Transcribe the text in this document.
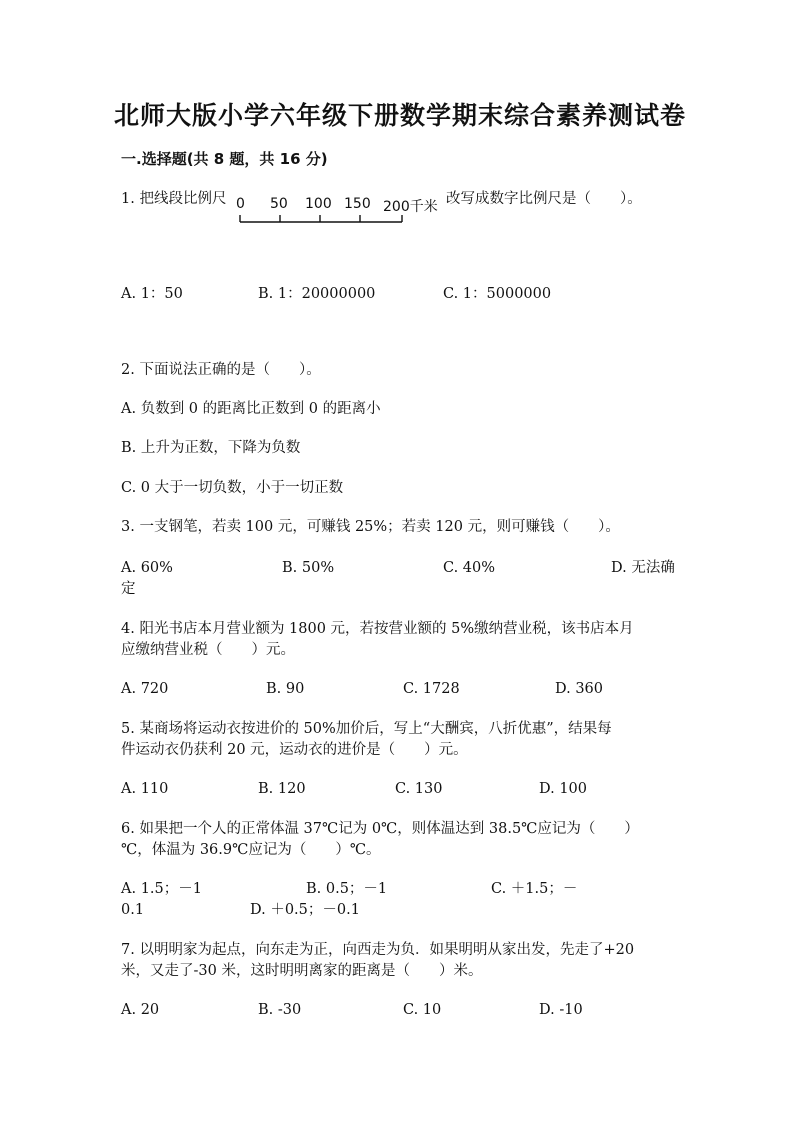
北师大版小学六年级下册数学期末综合素养测试卷
一.选择题(共 8 题，共 16 分)
1. 把线段比例尺 0 50 100 150 200千米 改写成数字比例尺是（　　）。
A. 1：50	B. 1：20000000	C. 1：5000000
2. 下面说法正确的是（　　）。
A. 负数到 0 的距离比正数到 0 的距离小
B. 上升为正数，下降为负数
C. 0 大于一切负数，小于一切正数
3. 一支钢笔，若卖 100 元，可赚钱 25%；若卖 120 元，则可赚钱（　　）。
A. 60%	B. 50%	C. 40%	D. 无法确
定
4. 阳光书店本月营业额为 1800 元，若按营业额的 5%缴纳营业税，该书店本月
应缴纳营业税（　　）元。
A. 720	B. 90	C. 1728	D. 360
5. 某商场将运动衣按进价的 50%加价后，写上“大酬宾，八折优惠”，结果每
件运动衣仍获利 20 元，运动衣的进价是（　　）元。
A. 110	B. 120	C. 130	D. 100
6. 如果把一个人的正常体温 37℃记为 0℃，则体温达到 38.5℃应记为（　　）
℃，体温为 36.9℃应记为（　　）℃。
A. 1.5；－1	B. 0.5；－1	C. ＋1.5；－
0.1	D. ＋0.5；－0.1
7. 以明明家为起点，向东走为正，向西走为负．如果明明从家出发，先走了+20
米，又走了-30 米，这时明明离家的距离是（　　）米。
A. 20	B. -30	C. 10	D. -10
